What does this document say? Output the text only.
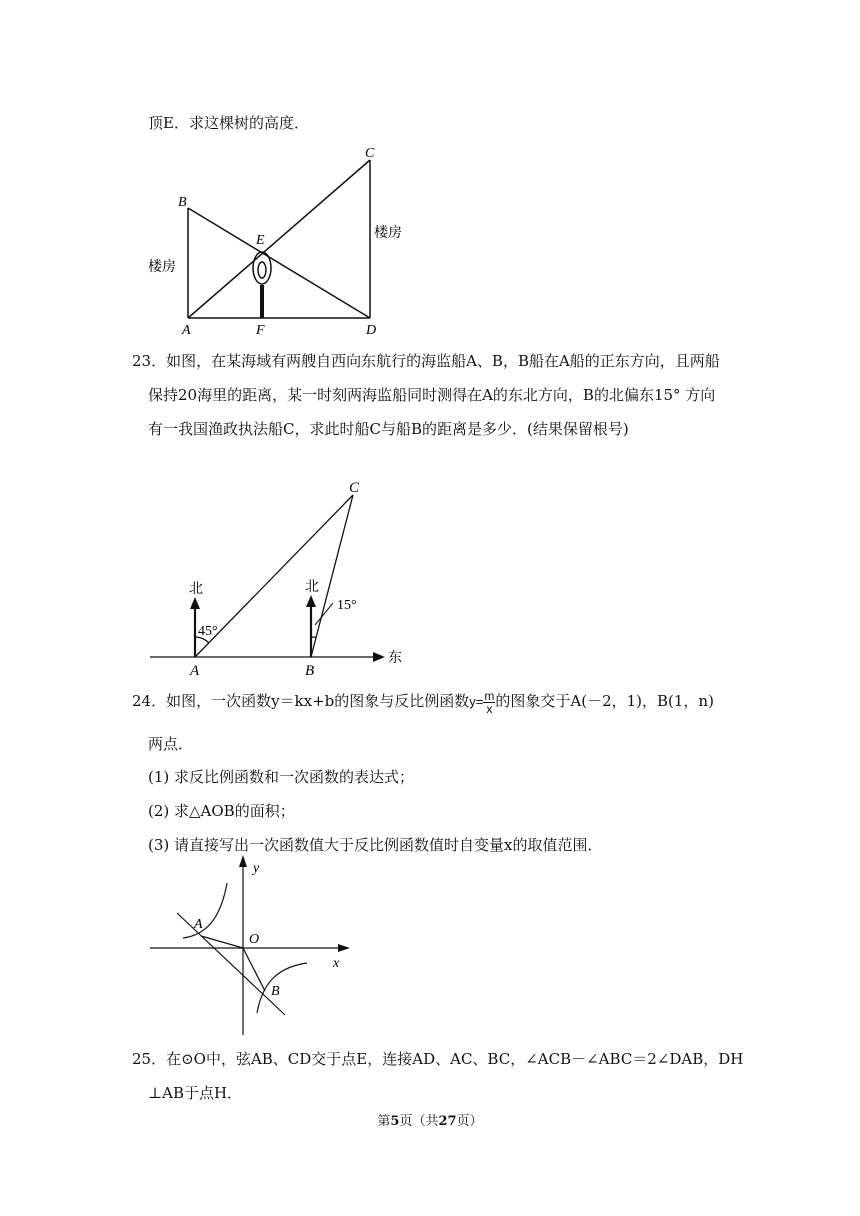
顶E．求这棵树的高度．
B
C
E
A	F	D
楼房
楼房
23．如图，在某海域有两艘自西向东航行的海监船A、B，B船在A船的正东方向，且两船
保持20海里的距离，某一时刻两海监船同时测得在A的东北方向，B的北偏东15° 方向
有一我国渔政执法船C，求此时船C与船B的距离是多少．(结果保留根号)
北	北
45°
15°
东
A	B
C
24．如图，一次函数y＝kx+b的图象与反比例函数$y= \frac{m}{x}$ 的图象交于A(－2，1)，B(1，n)
两点．
(1) 求反比例函数和一次函数的表达式；
(2) 求△AOB的面积；
(3) 请直接写出一次函数值大于反比例函数值时自变量x的取值范围．
y
x
O
A
B
25．在⊙O中，弦AB、CD交于点E，连接AD、AC、BC，∠ACB－∠ABC＝2∠DAB，DH
⊥AB于点H．
第5页（共27页）
